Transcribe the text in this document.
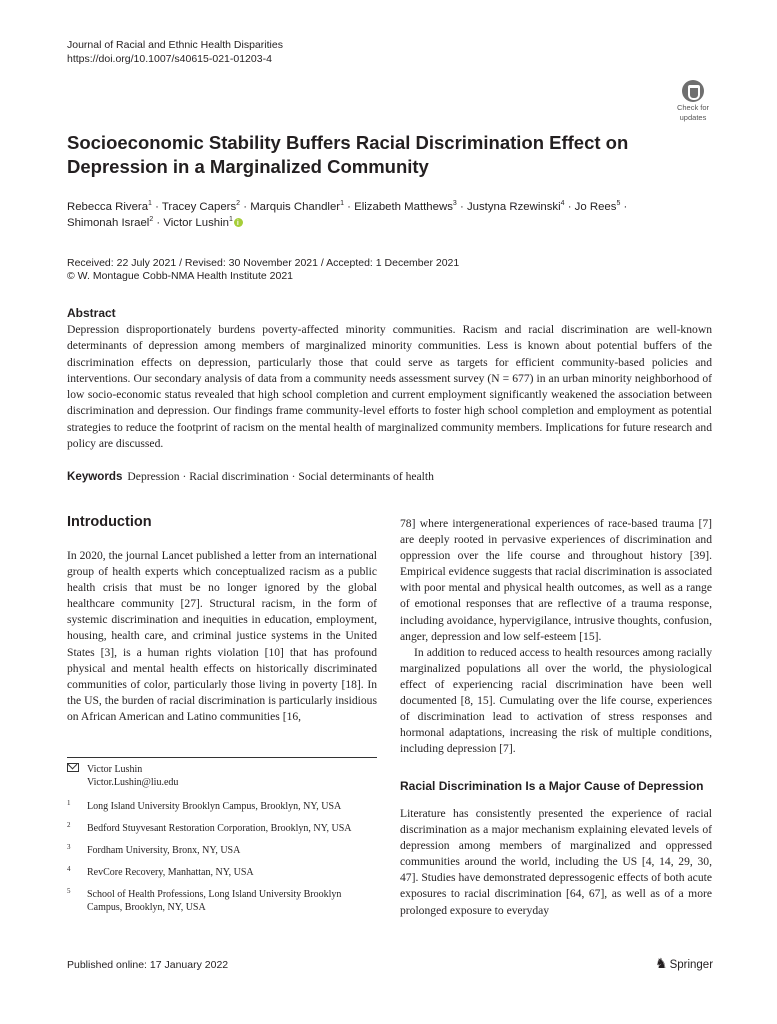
Journal of Racial and Ethnic Health Disparities
https://doi.org/10.1007/s40615-021-01203-4
Check for
updates
Socioeconomic Stability Buffers Racial Discrimination Effect on Depression in a Marginalized Community
Rebecca Rivera$^1$ · Tracey Capers$^2$ · Marquis Chandler$^1$ · Elizabeth Matthews$^3$ · Justyna Rzewinski$^4$ · Jo Rees$^5$ ·
Shimonah Israel$^2$ · Victor Lushin$^1$i
Received: 22 July 2021 / Revised: 30 November 2021 / Accepted: 1 December 2021
© W. Montague Cobb-NMA Health Institute 2021
Abstract
Depression disproportionately burdens poverty-affected minority communities. Racism and racial discrimination are well-known determinants of depression among members of marginalized minority communities. Less is known about potential buffers of the discrimination effects on depression, particularly those that could serve as targets for efficient community-based policies and interventions. Our secondary analysis of data from a community needs assessment survey (N = 677) in an urban minority neighborhood of low socio-economic status revealed that high school completion and current employment significantly weakened the association between discrimination and depression. Our findings frame community-level efforts to foster high school completion and employment as potential strategies to reduce the footprint of racism on the mental health of marginalized community members. Implications for future research and policy are discussed.
Keywords Depression · Racial discrimination · Social determinants of health
Introduction

In 2020, the journal Lancet published a letter from an international group of health experts which conceptualized racism as a public health crisis that must be no longer ignored by the global healthcare community [27]. Structural racism, in the form of systemic discrimination and inequities in education, employment, housing, health care, and criminal justice systems in the United States [3], is a human rights violation [10] that has profound physical and mental health effects on historically discriminated communities of color, particularly those living in poverty [18]. In the US, the burden of racial discrimination is particularly insidious on African American and Latino communities [16,

78] where intergenerational experiences of race-based trauma [7] are deeply rooted in pervasive experiences of discrimination and oppression over the life course and throughout history [39]. Empirical evidence suggests that racial discrimination is associated with poor mental and physical health outcomes, as well as a range of emotional responses that are reflective of a trauma response, including avoidance, hypervigilance, intrusive thoughts, confusion, anger, depression and low self-esteem [15].

In addition to reduced access to health resources among racially marginalized populations all over the world, the physiological effect of experiencing racial discrimination have been well documented [8, 15]. Cumulating over the life course, experiences of discrimination lead to activation of stress responses and hormonal adaptations, increasing the risk of multiple conditions, including depression [7].

Victor Lushin
Victor.Lushin@liu.edu
1 Long Island University Brooklyn Campus, Brooklyn, NY, USA
2 Bedford Stuyvesant Restoration Corporation, Brooklyn, NY, USA
3 Fordham University, Bronx, NY, USA
4 RevCore Recovery, Manhattan, NY, USA
5 School of Health Professions, Long Island University Brooklyn Campus, Brooklyn, NY, USA
Racial Discrimination Is a Major Cause of Depression
Literature has consistently presented the experience of racial discrimination as a major mechanism explaining elevated levels of depression among members of marginalized and oppressed communities around the world, including the US [4, 14, 29, 30, 47]. Studies have demonstrated depressogenic effects of both acute exposures to racial discrimination [64, 67], as well as of a more prolonged exposure to everyday
Published online: 17 January 2022	♞ Springer
